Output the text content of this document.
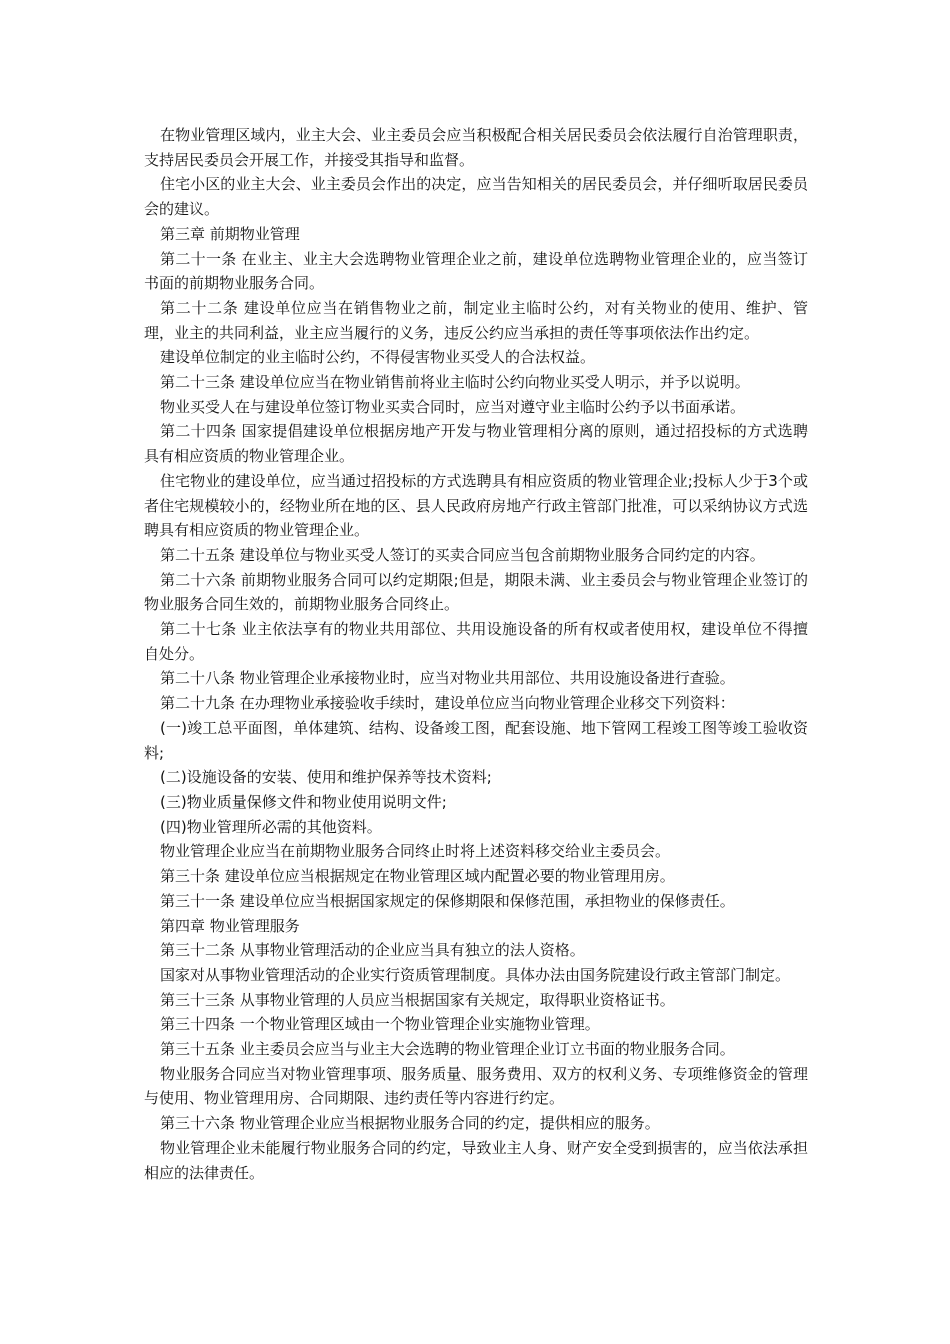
在物业管理区域内，业主大会、业主委员会应当积极配合相关居民委员会依法履行自治管理职责，支持居民委员会开展工作，并接受其指导和监督。

住宅小区的业主大会、业主委员会作出的决定，应当告知相关的居民委员会，并仔细听取居民委员会的建议。

第三章 前期物业管理

第二十一条 在业主、业主大会选聘物业管理企业之前，建设单位选聘物业管理企业的，应当签订书面的前期物业服务合同。

第二十二条 建设单位应当在销售物业之前，制定业主临时公约，对有关物业的使用、维护、管理，业主的共同利益，业主应当履行的义务，违反公约应当承担的责任等事项依法作出约定。

建设单位制定的业主临时公约，不得侵害物业买受人的合法权益。

第二十三条 建设单位应当在物业销售前将业主临时公约向物业买受人明示，并予以说明。

物业买受人在与建设单位签订物业买卖合同时，应当对遵守业主临时公约予以书面承诺。

第二十四条 国家提倡建设单位根据房地产开发与物业管理相分离的原则，通过招投标的方式选聘具有相应资质的物业管理企业。

住宅物业的建设单位，应当通过招投标的方式选聘具有相应资质的物业管理企业;投标人少于3个或者住宅规模较小的，经物业所在地的区、县人民政府房地产行政主管部门批准，可以采纳协议方式选聘具有相应资质的物业管理企业。

第二十五条 建设单位与物业买受人签订的买卖合同应当包含前期物业服务合同约定的内容。

第二十六条 前期物业服务合同可以约定期限;但是，期限未满、业主委员会与物业管理企业签订的物业服务合同生效的，前期物业服务合同终止。

第二十七条 业主依法享有的物业共用部位、共用设施设备的所有权或者使用权，建设单位不得擅自处分。

第二十八条 物业管理企业承接物业时，应当对物业共用部位、共用设施设备进行查验。

第二十九条 在办理物业承接验收手续时，建设单位应当向物业管理企业移交下列资料：

(一)竣工总平面图，单体建筑、结构、设备竣工图，配套设施、地下管网工程竣工图等竣工验收资料;

(二)设施设备的安装、使用和维护保养等技术资料;

(三)物业质量保修文件和物业使用说明文件;

(四)物业管理所必需的其他资料。

物业管理企业应当在前期物业服务合同终止时将上述资料移交给业主委员会。

第三十条 建设单位应当根据规定在物业管理区域内配置必要的物业管理用房。

第三十一条 建设单位应当根据国家规定的保修期限和保修范围，承担物业的保修责任。

第四章 物业管理服务

第三十二条 从事物业管理活动的企业应当具有独立的法人资格。

国家对从事物业管理活动的企业实行资质管理制度。具体办法由国务院建设行政主管部门制定。

第三十三条 从事物业管理的人员应当根据国家有关规定，取得职业资格证书。

第三十四条 一个物业管理区域由一个物业管理企业实施物业管理。

第三十五条 业主委员会应当与业主大会选聘的物业管理企业订立书面的物业服务合同。

物业服务合同应当对物业管理事项、服务质量、服务费用、双方的权利义务、专项维修资金的管理与使用、物业管理用房、合同期限、违约责任等内容进行约定。

第三十六条 物业管理企业应当根据物业服务合同的约定，提供相应的服务。

物业管理企业未能履行物业服务合同的约定，导致业主人身、财产安全受到损害的，应当依法承担相应的法律责任。
